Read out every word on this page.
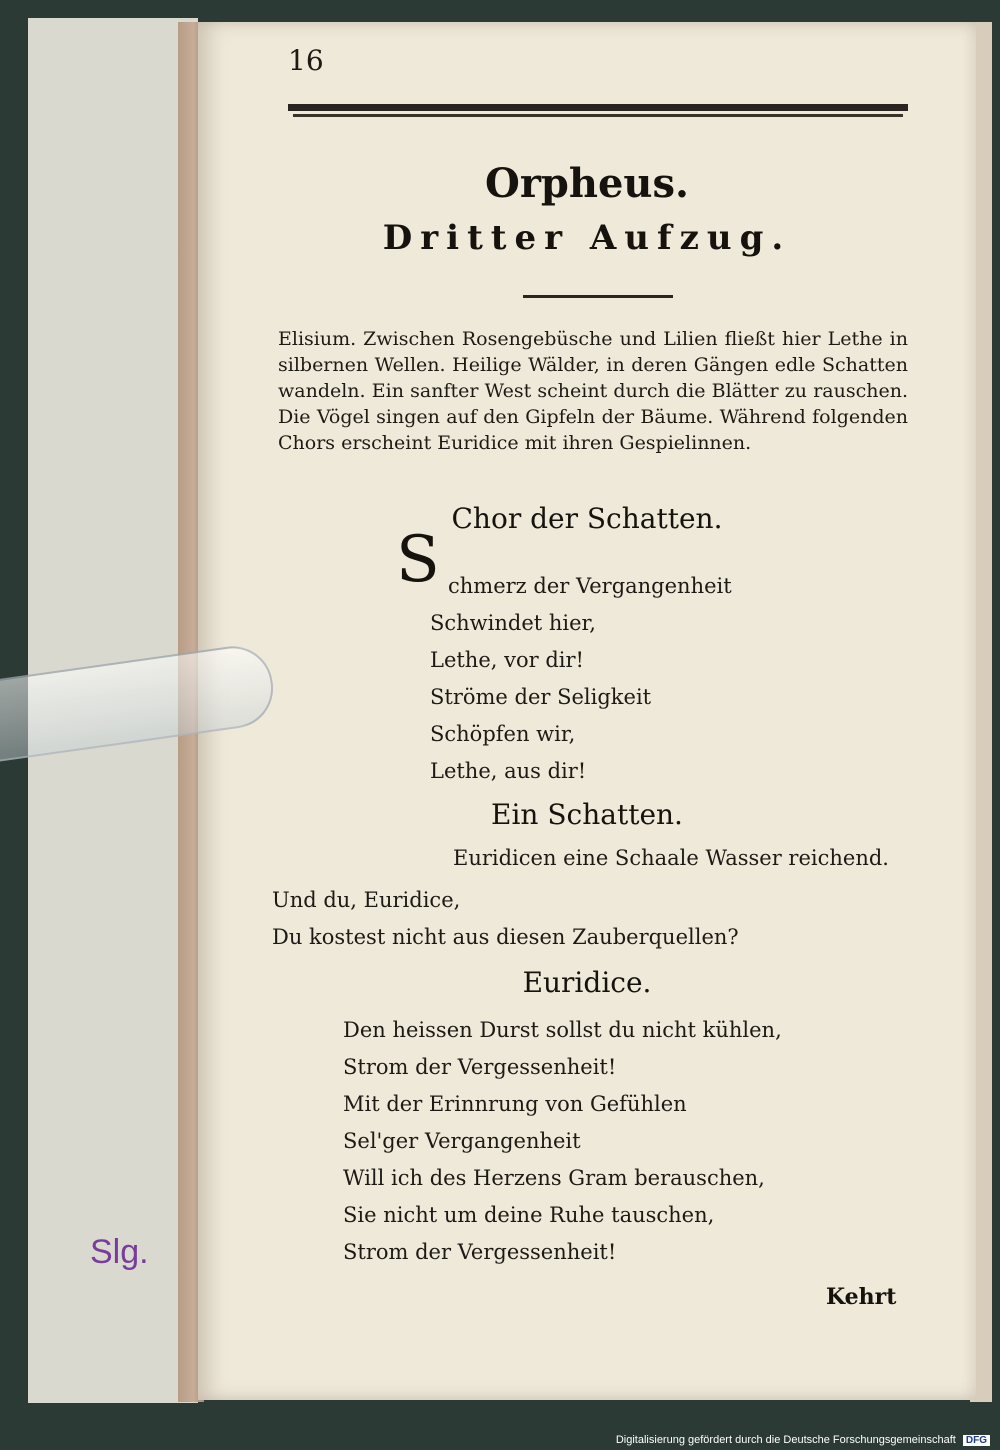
16
Orpheus.
Dritter Aufzug.
Elisium. Zwischen Rosengebüsche und Lilien fließt hier Lethe in silbernen Wellen. Heilige Wälder, in deren Gängen edle Schatten wandeln. Ein sanfter West scheint durch die Blätter zu rauschen. Die Vögel singen auf den Gipfeln der Bäume. Während folgenden Chors erscheint Euridice mit ihren Gespielinnen.
Chor der Schatten.
S chmerz der Vergangenheit
Schwindet hier,
Lethe, vor dir!
Ströme der Seligkeit
Schöpfen wir,
Lethe, aus dir!
Ein Schatten.
Euridicen eine Schaale Wasser reichend.
Und du, Euridice,
Du kostest nicht aus diesen Zauberquellen?
Euridice.
Den heissen Durst sollst du nicht kühlen,
Strom der Vergessenheit!
Mit der Erinnrung von Gefühlen
Sel'ger Vergangenheit
Will ich des Herzens Gram berauschen,
Sie nicht um deine Ruhe tauschen,
Strom der Vergessenheit!
Kehrt
Slg.
Digitalisierung gefördert durch die Deutsche Forschungsgemeinschaft DFG
